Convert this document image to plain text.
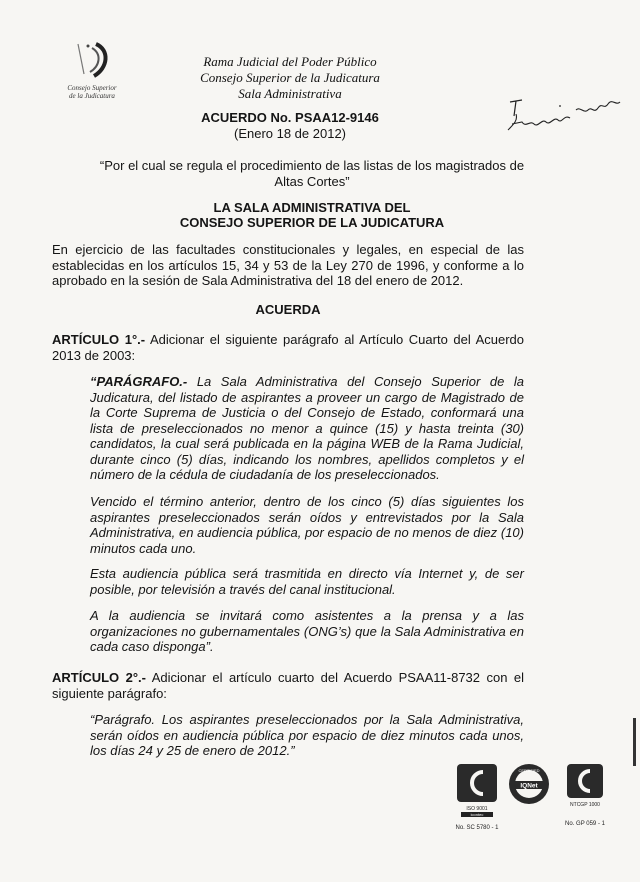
Consejo Superior
de la Judicatura
Rama Judicial del Poder Público
Consejo Superior de la Judicatura
Sala Administrativa
ACUERDO No. PSAA12-9146
(Enero 18 de 2012)
“Por el cual se regula el procedimiento de las listas de los magistrados de Altas Cortes”
LA SALA ADMINISTRATIVA DEL
CONSEJO SUPERIOR DE LA JUDICATURA
En ejercicio de las facultades constitucionales y legales, en especial de las establecidas en los artículos 15, 34 y 53 de la Ley 270 de 1996, y conforme a lo aprobado en la sesión de Sala Administrativa del 18 del enero de 2012.
ACUERDA
ARTÍCULO 1°.- Adicionar el siguiente parágrafo al Artículo Cuarto del Acuerdo 2013 de 2003:
“PARÁGRAFO.- La Sala Administrativa del Consejo Superior de la Judicatura, del listado de aspirantes a proveer un cargo de Magistrado de la Corte Suprema de Justicia o del Consejo de Estado, conformará una lista de preseleccionados no menor a quince (15) y hasta treinta (30) candidatos, la cual será publicada en la página WEB de la Rama Judicial, durante cinco (5) días, indicando los nombres, apellidos completos y el número de la cédula de ciudadanía de los preseleccionados.
Vencido el término anterior, dentro de los cinco (5) días siguientes los aspirantes preseleccionados serán oídos y entrevistados por la Sala Administrativa, en audiencia pública, por espacio de no menos de diez (10) minutos cada uno.
Esta audiencia pública será trasmitida en directo vía Internet y, de ser posible, por televisión a través del canal institucional.
A la audiencia se invitará como asistentes a la prensa y a las organizaciones no gubernamentales (ONG’s) que la Sala Administrativa en cada caso disponga”.
ARTÍCULO 2°.- Adicionar el artículo cuarto del Acuerdo PSAA11-8732 con el siguiente parágrafo:
“Parágrafo. Los aspirantes preseleccionados por la Sala Administrativa, serán oídos en audiencia pública por espacio de diez minutos cada unos, los días 24 y 25 de enero de 2012.”
ISO 9001
icontec
No. SC 5780 - 1
IQNet
CERTIFIED
NTCGP 1000
No. GP 059 - 1
